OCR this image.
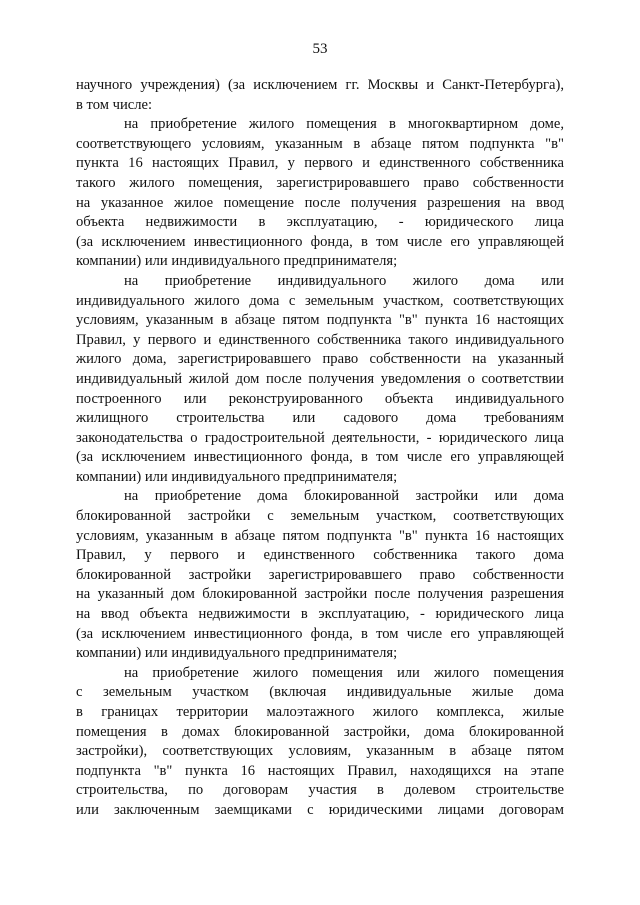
53
научного учреждения) (за исключением гг. Москвы и Санкт-Петербурга),
в том числе:
на приобретение жилого помещения в многоквартирном доме,
соответствующего условиям, указанным в абзаце пятом подпункта "в"
пункта 16 настоящих Правил, у первого и единственного собственника
такого жилого помещения, зарегистрировавшего право собственности
на указанное жилое помещение после получения разрешения на ввод
объекта недвижимости в эксплуатацию, - юридического лица
(за исключением инвестиционного фонда, в том числе его управляющей
компании) или индивидуального предпринимателя;
на приобретение индивидуального жилого дома или
индивидуального жилого дома с земельным участком, соответствующих
условиям, указанным в абзаце пятом подпункта "в" пункта 16 настоящих
Правил, у первого и единственного собственника такого индивидуального
жилого дома, зарегистрировавшего право собственности на указанный
индивидуальный жилой дом после получения уведомления о соответствии
построенного или реконструированного объекта индивидуального
жилищного строительства или садового дома требованиям
законодательства о градостроительной деятельности, - юридического лица
(за исключением инвестиционного фонда, в том числе его управляющей
компании) или индивидуального предпринимателя;
на приобретение дома блокированной застройки или дома
блокированной застройки с земельным участком, соответствующих
условиям, указанным в абзаце пятом подпункта "в" пункта 16 настоящих
Правил, у первого и единственного собственника такого дома
блокированной застройки зарегистрировавшего право собственности
на указанный дом блокированной застройки после получения разрешения
на ввод объекта недвижимости в эксплуатацию, - юридического лица
(за исключением инвестиционного фонда, в том числе его управляющей
компании) или индивидуального предпринимателя;
на приобретение жилого помещения или жилого помещения
с земельным участком (включая индивидуальные жилые дома
в границах территории малоэтажного жилого комплекса, жилые
помещения в домах блокированной застройки, дома блокированной
застройки), соответствующих условиям, указанным в абзаце пятом
подпункта "в" пункта 16 настоящих Правил, находящихся на этапе
строительства, по договорам участия в долевом строительстве
или заключенным заемщиками с юридическими лицами договорам
